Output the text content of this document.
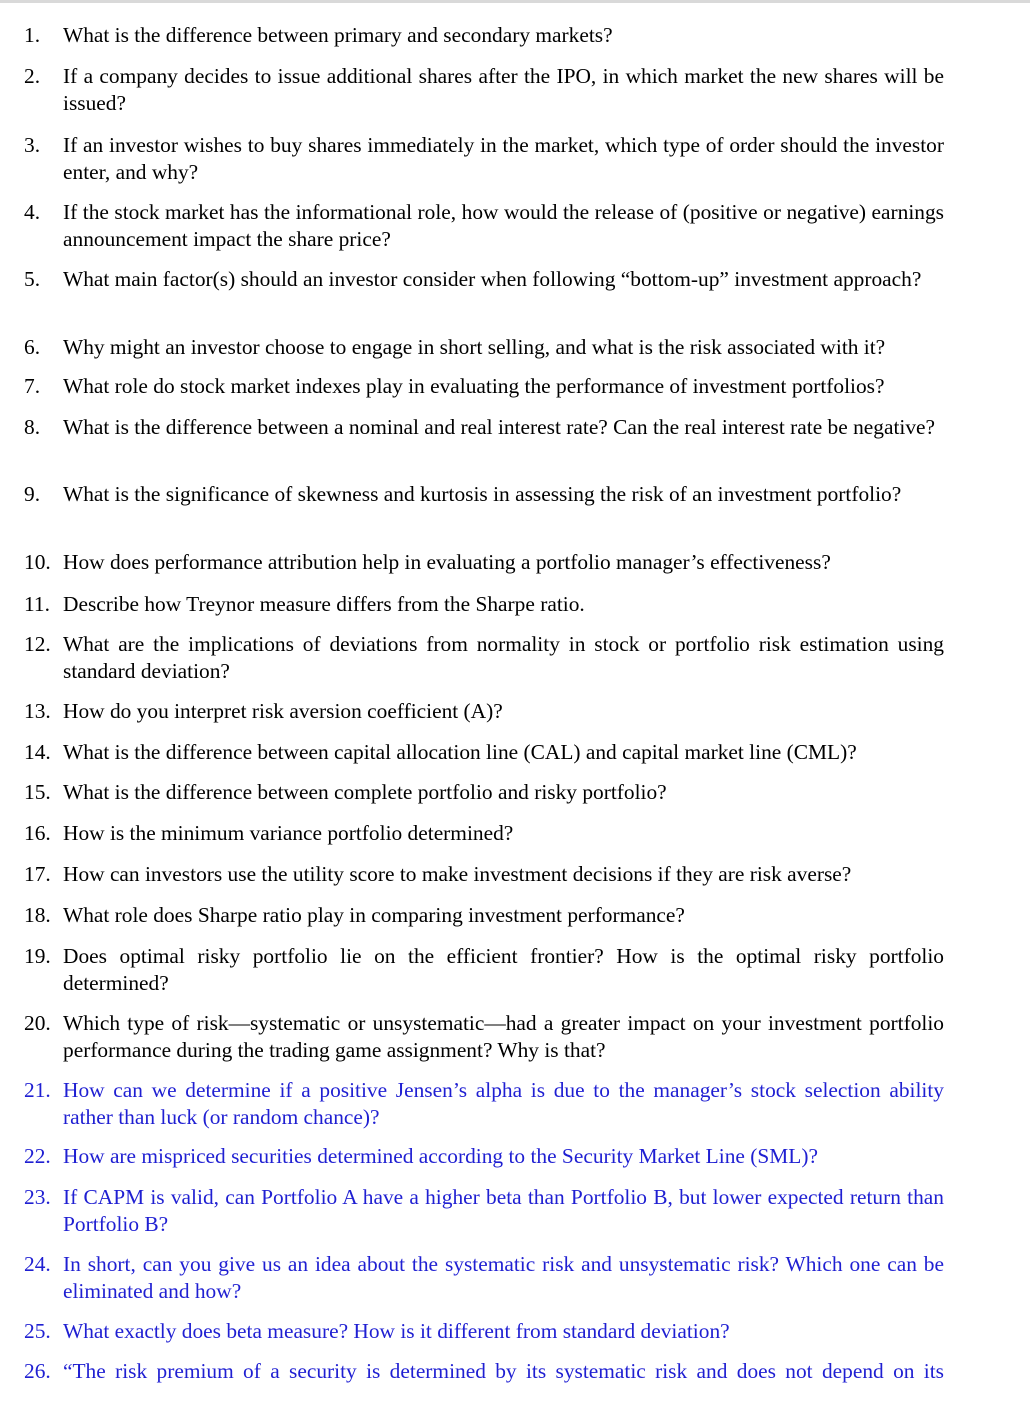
1. What is the difference between primary and secondary markets?
2. If a company decides to issue additional shares after the IPO, in which market the new shares will be issued?
3. If an investor wishes to buy shares immediately in the market, which type of order should the investor enter, and why?
4. If the stock market has the informational role, how would the release of (positive or negative) earnings announcement impact the share price?
5. What main factor(s) should an investor consider when following “bottom-up” investment approach?
6. Why might an investor choose to engage in short selling, and what is the risk associated with it?
7. What role do stock market indexes play in evaluating the performance of investment portfolios?
8. What is the difference between a nominal and real interest rate? Can the real interest rate be negative?
9. What is the significance of skewness and kurtosis in assessing the risk of an investment portfolio?
10. How does performance attribution help in evaluating a portfolio manager’s effectiveness?
11. Describe how Treynor measure differs from the Sharpe ratio.
12. What are the implications of deviations from normality in stock or portfolio risk estimation using standard deviation?
13. How do you interpret risk aversion coefficient (A)?
14. What is the difference between capital allocation line (CAL) and capital market line (CML)?
15. What is the difference between complete portfolio and risky portfolio?
16. How is the minimum variance portfolio determined?
17. How can investors use the utility score to make investment decisions if they are risk averse?
18. What role does Sharpe ratio play in comparing investment performance?
19. Does optimal risky portfolio lie on the efficient frontier? How is the optimal risky portfolio determined?
20. Which type of risk—systematic or unsystematic—had a greater impact on your investment portfolio performance during the trading game assignment? Why is that?
21. How can we determine if a positive Jensen’s alpha is due to the manager’s stock selection ability rather than luck (or random chance)?
22. How are mispriced securities determined according to the Security Market Line (SML)?
23. If CAPM is valid, can Portfolio A have a higher beta than Portfolio B, but lower expected return than Portfolio B?
24. In short, can you give us an idea about the systematic risk and unsystematic risk? Which one can be eliminated and how?
25. What exactly does beta measure? How is it different from standard deviation?
26. “The risk premium of a security is determined by its systematic risk and does not depend on its
